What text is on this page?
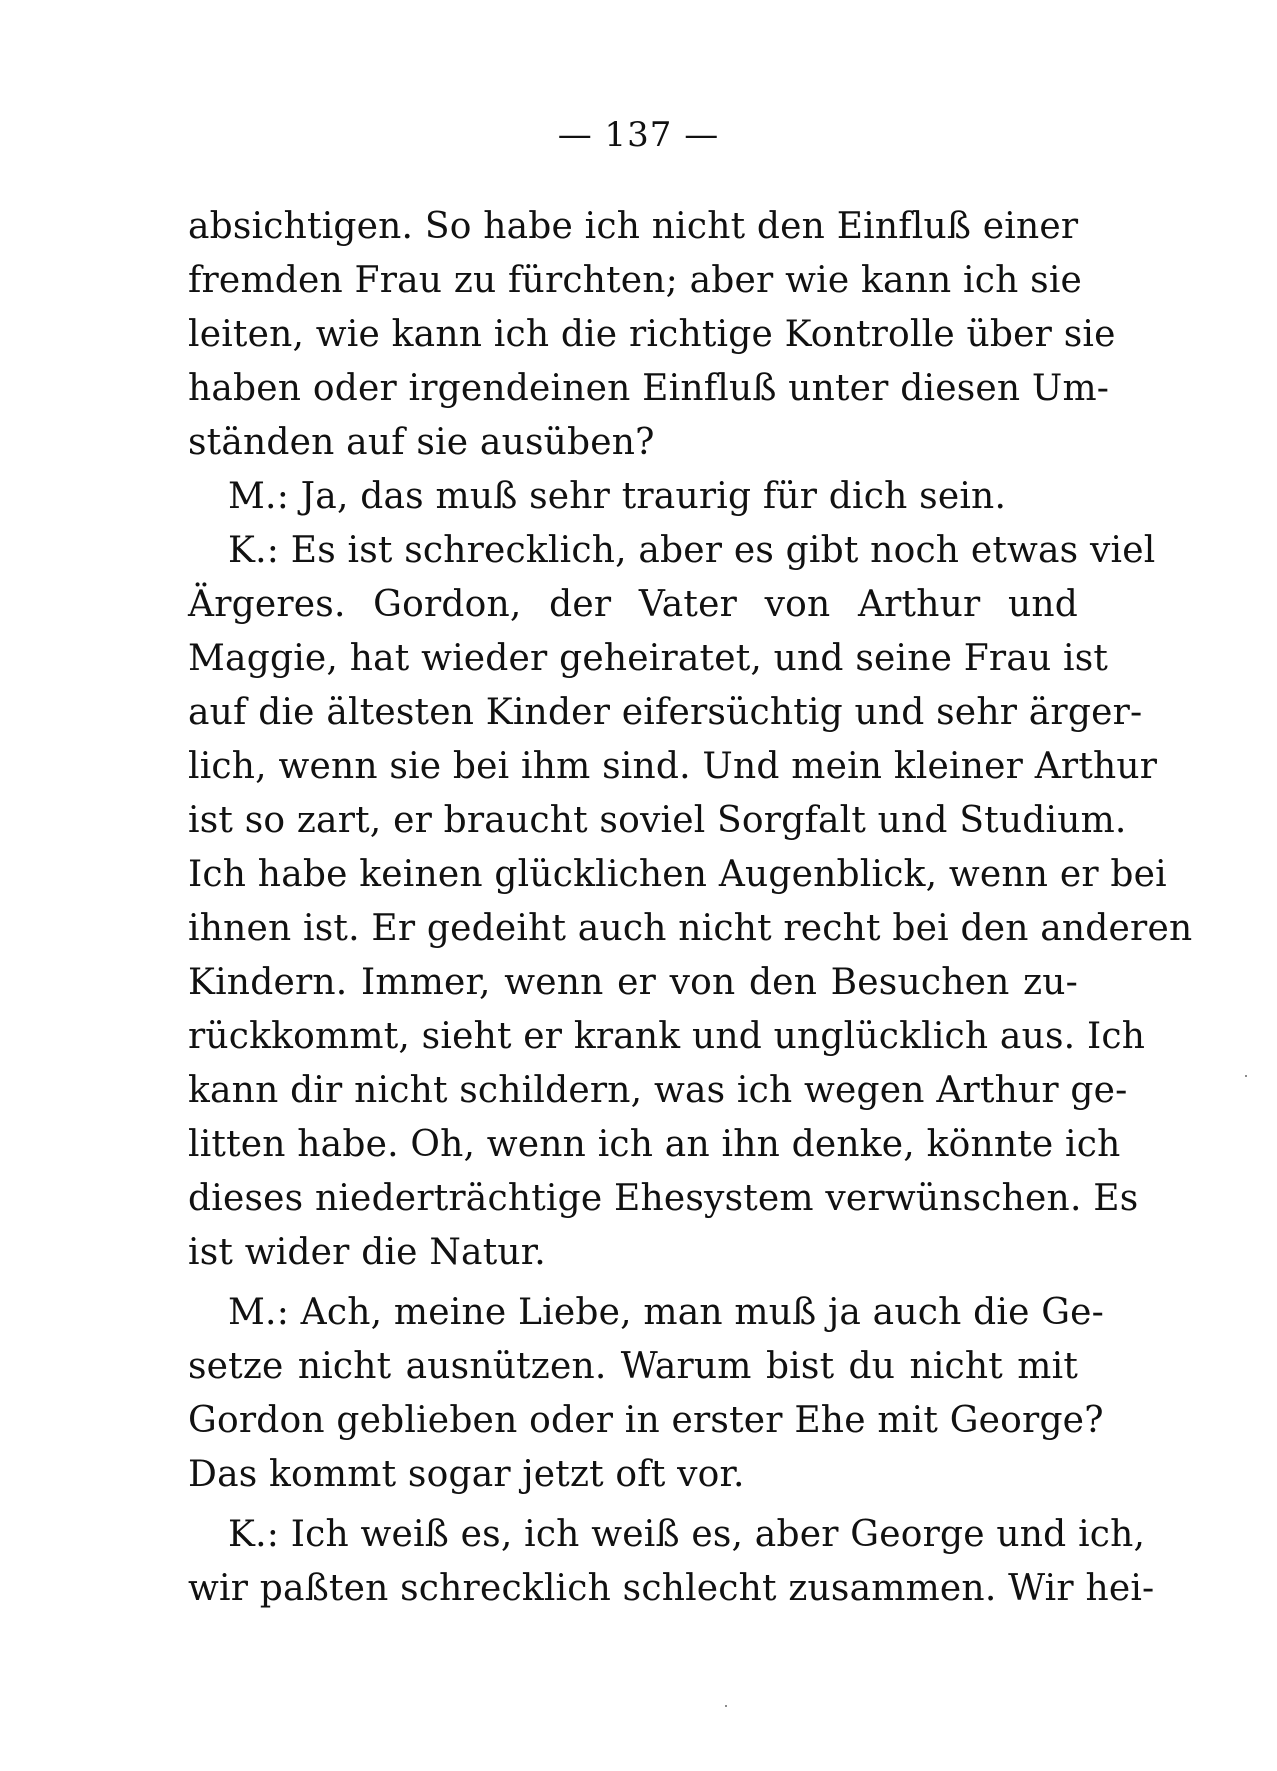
— 137 —
absichtigen. So habe ich nicht den Einfluß einer
fremden Frau zu fürchten; aber wie kann ich sie
leiten, wie kann ich die richtige Kontrolle über sie
haben oder irgendeinen Einfluß unter diesen Um-
ständen auf sie ausüben?
M.: Ja, das muß sehr traurig für dich sein.
K.: Es ist schrecklich, aber es gibt noch etwas viel
Ärgeres. Gordon, der Vater von Arthur und
Maggie, hat wieder geheiratet, und seine Frau ist
auf die ältesten Kinder eifersüchtig und sehr ärger-
lich, wenn sie bei ihm sind. Und mein kleiner Arthur
ist so zart, er braucht soviel Sorgfalt und Studium.
Ich habe keinen glücklichen Augenblick, wenn er bei
ihnen ist. Er gedeiht auch nicht recht bei den anderen
Kindern. Immer, wenn er von den Besuchen zu-
rückkommt, sieht er krank und unglücklich aus. Ich
kann dir nicht schildern, was ich wegen Arthur ge-
litten habe. Oh, wenn ich an ihn denke, könnte ich
dieses niederträchtige Ehesystem verwünschen. Es
ist wider die Natur.
M.: Ach, meine Liebe, man muß ja auch die Ge-
setze nicht ausnützen. Warum bist du nicht mit
Gordon geblieben oder in erster Ehe mit George?
Das kommt sogar jetzt oft vor.
K.: Ich weiß es, ich weiß es, aber George und ich,
wir paßten schrecklich schlecht zusammen. Wir hei-
